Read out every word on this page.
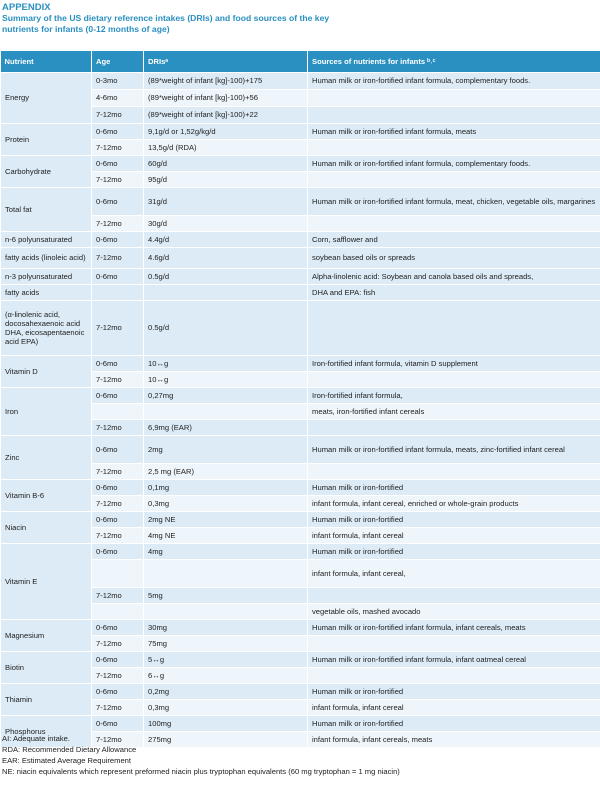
APPENDIX
Summary of the US dietary reference intakes (DRIs) and food sources of the key nutrients for infants (0-12 months of age)
Nutrient	Age	DRIsᵃ	Sources of nutrients for infants ᵇ˒ᶜ
Energy	0-3mo	(89*weight of infant [kg]-100)+175	Human milk or iron-fortified infant formula, complementary foods.
	4-6mo	(89*weight of infant [kg]-100)+56	
	7-12mo	(89*weight of infant [kg]-100)+22	
Protein	0-6mo	9,1g/d or 1,52g/kg/d	Human milk or iron-fortified infant formula, meats
	7-12mo	13,5g/d (RDA)	
Carbohydrate	0-6mo	60g/d	Human milk or iron-fortified infant formula, complementary foods.
	7-12mo	95g/d	
Total fat	0-6mo	31g/d	Human milk or iron-fortified infant formula, meat, chicken, vegetable oils, margarines
	7-12mo	30g/d	
n-6 polyunsaturated	0-6mo	4.4g/d	Corn, safflower and
fatty acids (linoleic acid)	7-12mo	4.6g/d	soybean based oils or spreads
n-3 polyunsaturated	0-6mo	0.5g/d	Alpha-linolenic acid: Soybean and canola based oils and spreads,
fatty acids			DHA and EPA: fish
(α-linolenic acid, docosahexaenoic acid DHA, eicosapentaenoic acid EPA)	7-12mo	0.5g/d	
Vitamin D	0-6mo	10↔g	Iron-fortified infant formula, vitamin D supplement
	7-12mo	10↔g	
Iron	0-6mo	0,27mg	Iron-fortified infant formula,
			meats, iron-fortified infant cereals
	7-12mo	6,9mg (EAR)	
Zinc	0-6mo	2mg	Human milk or iron-fortified infant formula, meats, zinc-fortified infant cereal
	7-12mo	2,5 mg (EAR)	
Vitamin B-6	0-6mo	0,1mg	Human milk or iron-fortified
	7-12mo	0,3mg	infant formula, infant cereal, enriched or whole-grain products
Niacin	0-6mo	2mg NE	Human milk or iron-fortified
	7-12mo	4mg NE	infant formula, infant cereal
Vitamin E	0-6mo	4mg	Human milk or iron-fortified
			infant formula, infant cereal,
	7-12mo	5mg	
			vegetable oils, mashed avocado
Magnesium	0-6mo	30mg	Human milk or iron-fortified infant formula, infant cereals, meats
	7-12mo	75mg	
Biotin	0-6mo	5↔g	Human milk or iron-fortified infant formula, infant oatmeal cereal
	7-12mo	6↔g	
Thiamin	0-6mo	0,2mg	Human milk or iron-fortified
	7-12mo	0,3mg	infant formula, infant cereal
Phosphorus	0-6mo	100mg	Human milk or iron-fortified
	7-12mo	275mg	infant formula, infant cereals, meats
AI: Adequate intake.
RDA: Recommended Dietary Allowance
EAR: Estimated Average Requirement
NE: niacin equivalents which represent preformed niacin plus tryptophan equivalents (60 mg tryptophan = 1 mg niacin)
